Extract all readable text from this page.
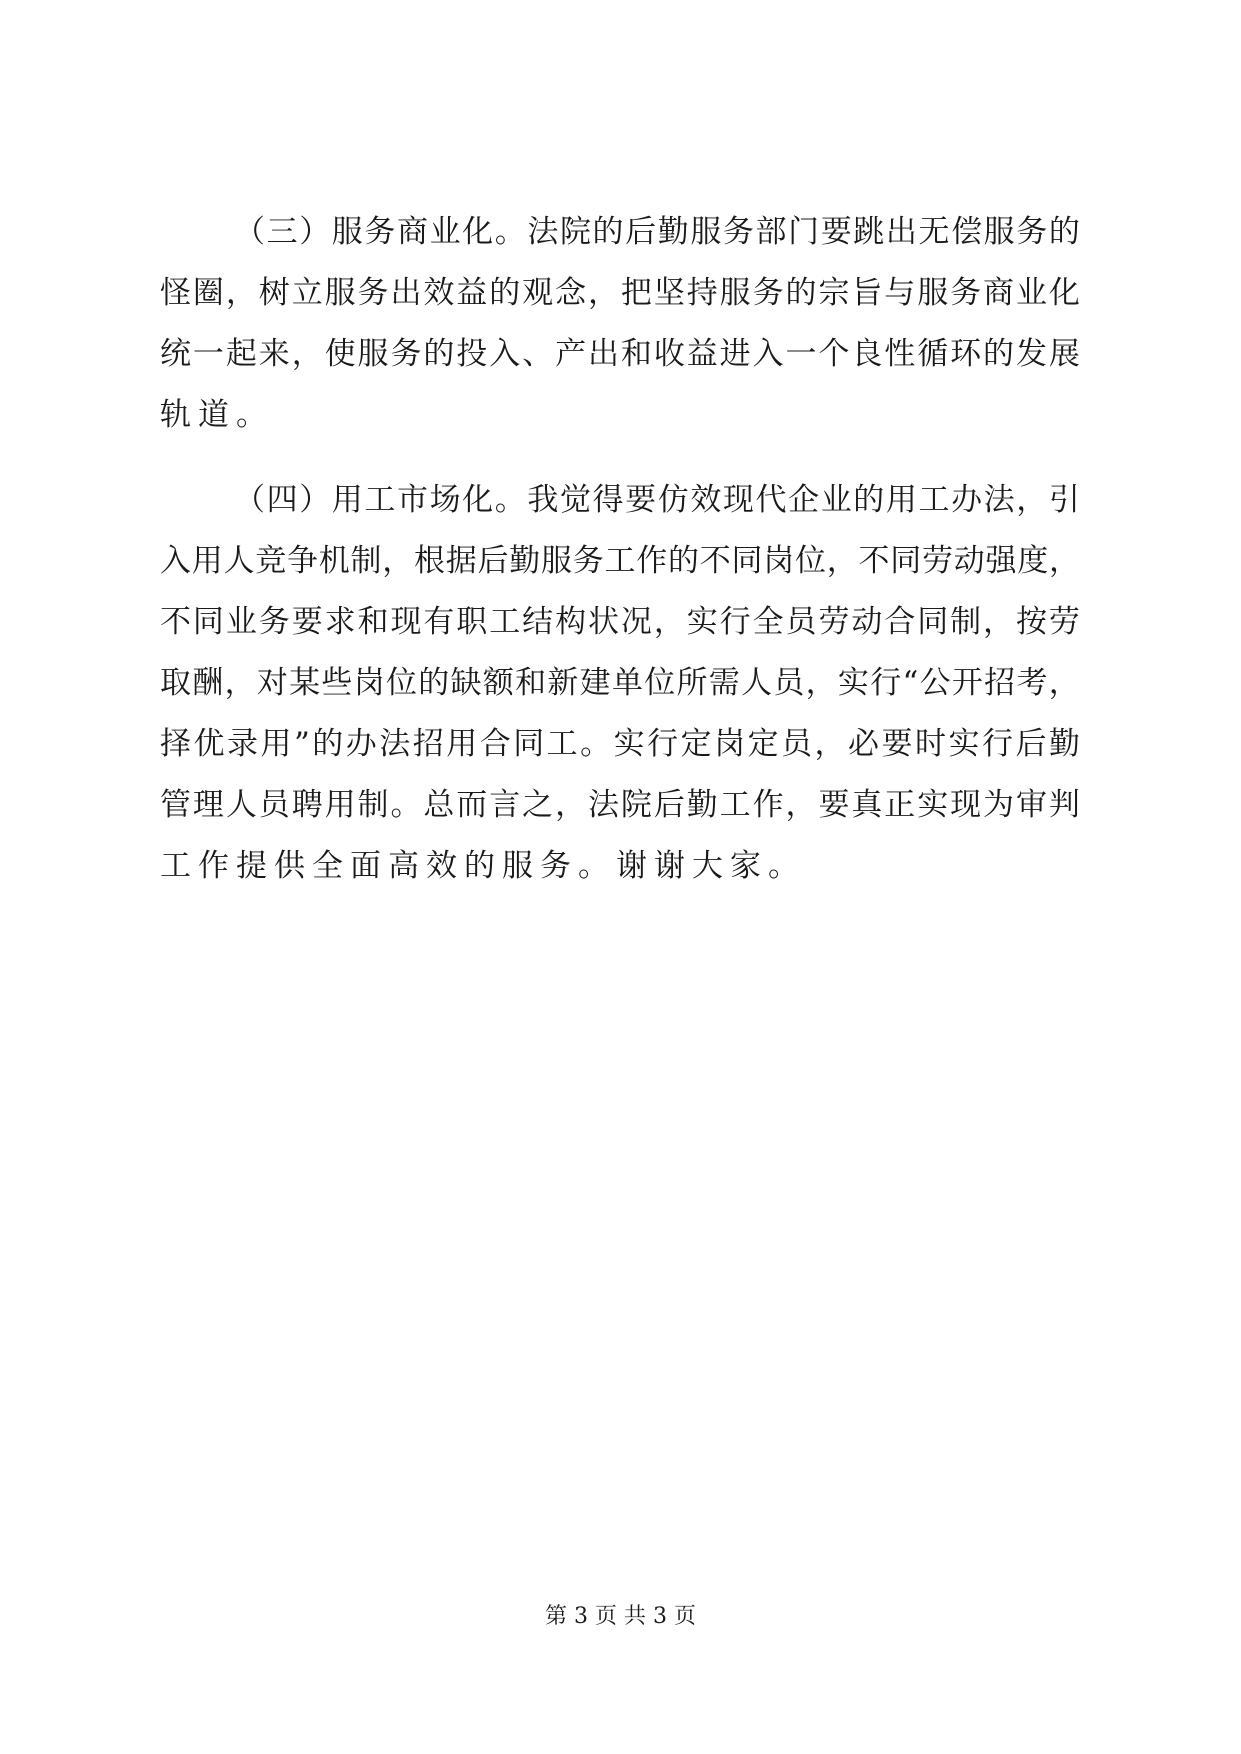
（ 三 ） 服 务 商 业 化 。 法 院 的 后 勤 服 务 部 门 要 跳 出 无 偿 服 务 的
怪 圈 ， 树 立 服 务 出 效 益 的 观 念 ， 把 坚 持 服 务 的 宗 旨 与 服 务 商 业 化
统 一 起 来 ， 使 服 务 的 投 入 、 产 出 和 收 益 进 入 一 个 良 性 循 环 的 发 展
轨道。
（ 四 ） 用 工 市 场 化 。 我 觉 得 要 仿 效 现 代 企 业 的 用 工 办 法 ， 引
入 用 人 竞 争 机 制 ， 根 据 后 勤 服 务 工 作 的 不 同 岗 位 ， 不 同 劳 动 强 度 ，
不 同 业 务 要 求 和 现 有 职 工 结 构 状 况 ， 实 行 全 员 劳 动 合 同 制 ， 按 劳
取 酬 ， 对 某 些 岗 位 的 缺 额 和 新 建 单 位 所 需 人 员 ， 实 行 “ 公 开 招 考 ，
择 优 录 用 ” 的 办 法 招 用 合 同 工 。 实 行 定 岗 定 员 ， 必 要 时 实 行 后 勤
管 理 人 员 聘 用 制 。 总 而 言 之 ， 法 院 后 勤 工 作 ， 要 真 正 实 现 为 审 判
工作提供全面高效的服务。谢谢大家。
第 3 页 共 3 页
